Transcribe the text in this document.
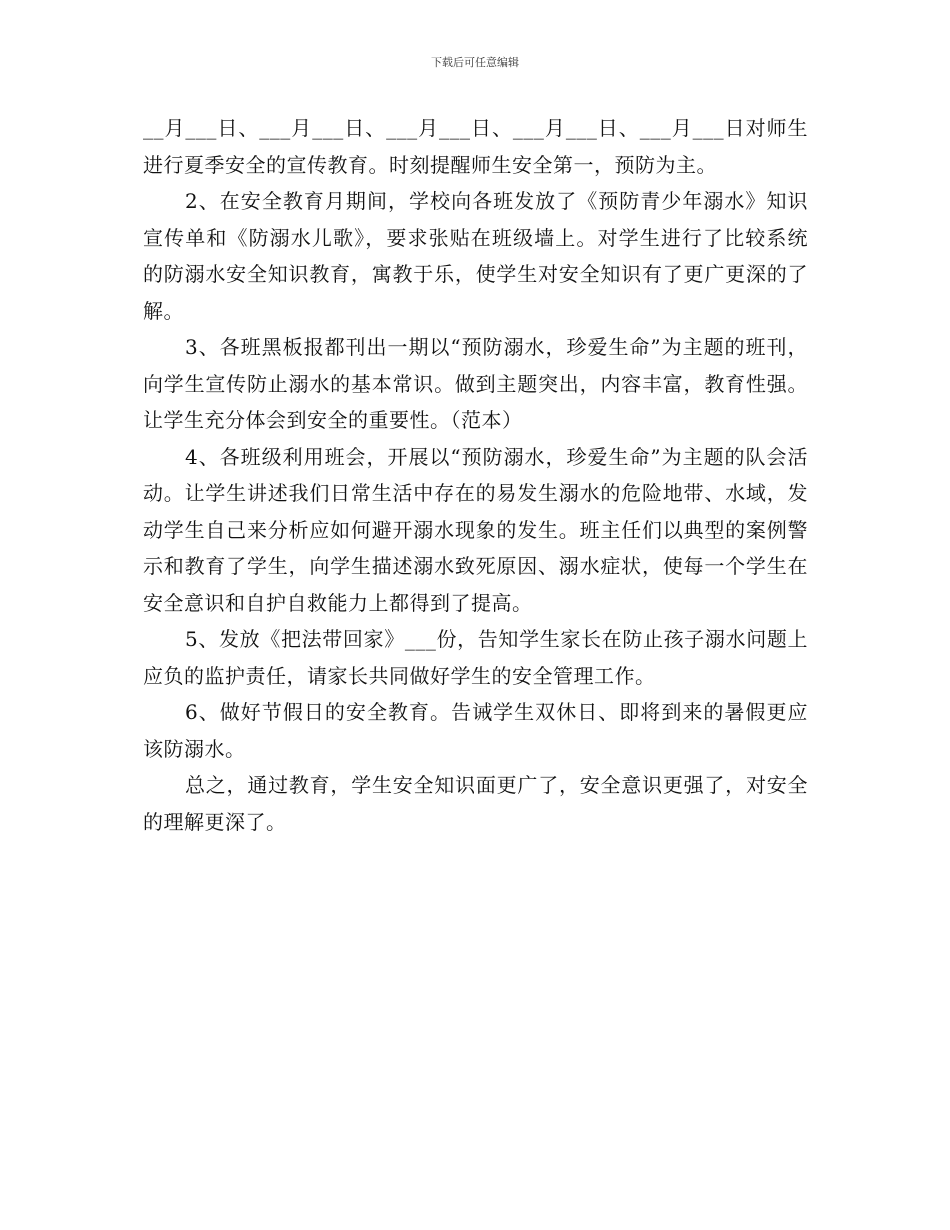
下载后可任意编辑

__月___日、___月___日、___月___日、___月___日、___月___日对师生进行夏季安全的宣传教育。时刻提醒师生安全第一，预防为主。

2、在安全教育月期间，学校向各班发放了《预防青少年溺水》知识宣传单和《防溺水儿歌》，要求张贴在班级墙上。对学生进行了比较系统的防溺水安全知识教育，寓教于乐，使学生对安全知识有了更广更深的了解。

3、各班黑板报都刊出一期以“预防溺水，珍爱生命”为主题的班刊，向学生宣传防止溺水的基本常识。做到主题突出，内容丰富，教育性强。让学生充分体会到安全的重要性。（范本）

4、各班级利用班会，开展以“预防溺水，珍爱生命”为主题的队会活动。让学生讲述我们日常生活中存在的易发生溺水的危险地带、水域，发动学生自己来分析应如何避开溺水现象的发生。班主任们以典型的案例警示和教育了学生，向学生描述溺水致死原因、溺水症状，使每一个学生在安全意识和自护自救能力上都得到了提高。

5、发放《把法带回家》___份，告知学生家长在防止孩子溺水问题上应负的监护责任，请家长共同做好学生的安全管理工作。

6、做好节假日的安全教育。告诫学生双休日、即将到来的暑假更应该防溺水。

总之，通过教育，学生安全知识面更广了，安全意识更强了，对安全的理解更深了。
